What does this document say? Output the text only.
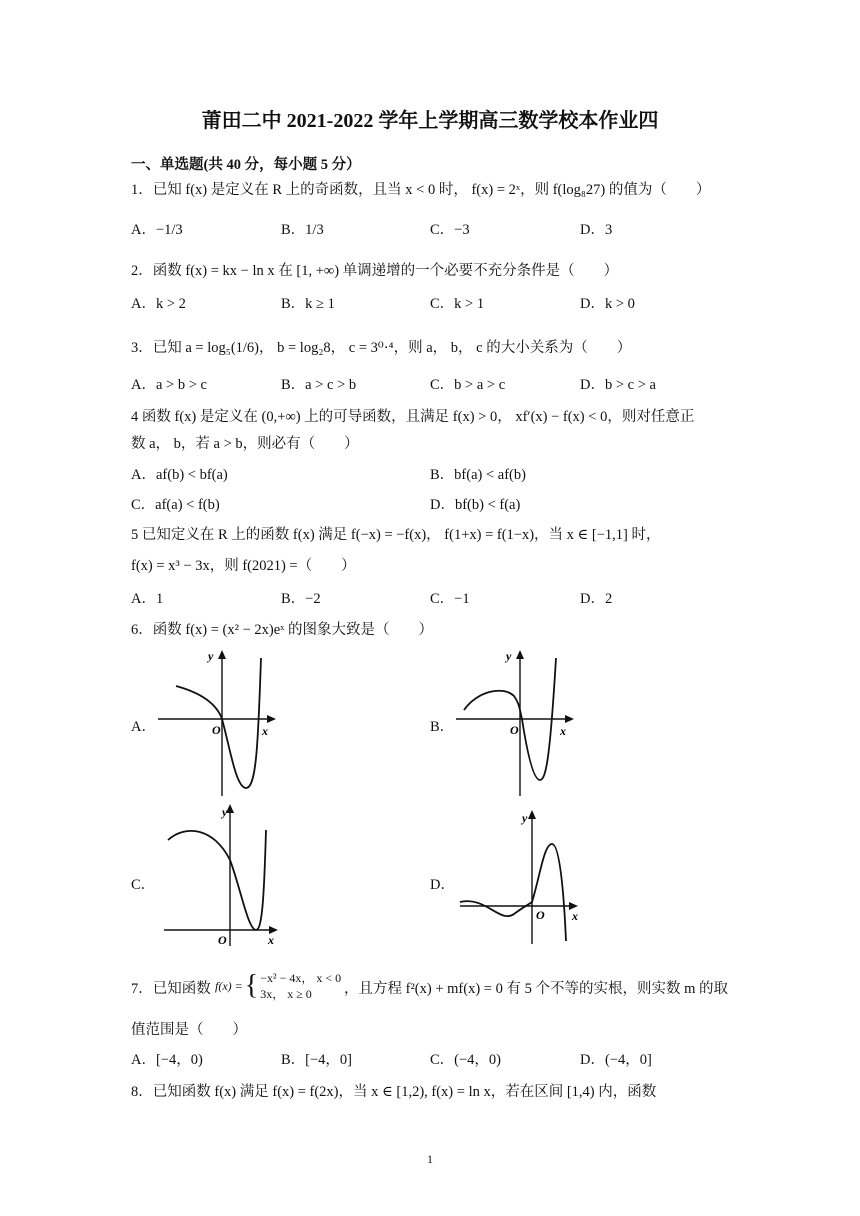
莆田二中 2021-2022 学年上学期高三数学校本作业四
一、单选题(共 40 分，每小题 5 分）
1．已知 f(x) 是定义在 R 上的奇函数，且当 x < 0 时， f(x) = 2ˣ，则 f(log₈27) 的值为（　　）
A．−1/3	B．1/3	C．−3	D．3
2．函数 f(x) = kx − ln x 在 [1, +∞) 单调递增的一个必要不充分条件是（　　）
A．k > 2	B．k ≥ 1	C．k > 1	D．k > 0
3．已知 a = log₅(1/6)， b = log₂8， c = 3⁰·⁴，则 a， b， c 的大小关系为（　　）
A．a > b > c	B．a > c > b	C．b > a > c	D．b > c > a
4 函数 f(x) 是定义在 (0,+∞) 上的可导函数，且满足 f(x) > 0， xf′(x) − f(x) < 0，则对任意正
数 a， b，若 a > b，则必有（　　）
A．af(b) < bf(a)	B．bf(a) < af(b)
C．af(a) < f(b)	D．bf(b) < f(a)
5 已知定义在 R 上的函数 f(x) 满足 f(−x) = −f(x)， f(1+x) = f(1−x)，当 x ∈ [−1,1] 时，
f(x) = x³ − 3x，则 f(2021) =（　　）
A．1	B．−2	C．−1	D．2
6．函数 f(x) = (x² − 2x)eˣ 的图象大致是（　　）
A．
y
O	x	B．
y
O	x
C．
y
O	x
D．
y
O x
7．已知函数 f(x) = { −x² − 4x， x < 0
3x， x ≥ 0	，且方程 f²(x) + mf(x) = 0 有 5 个不等的实根，则实数 m 的取
值范围是（　　）
A．[−4，0)	B．[−4，0]	C．(−4，0)	D．(−4，0]
8．已知函数 f(x) 满足 f(x) = f(2x)，当 x ∈ [1,2), f(x) = ln x，若在区间 [1,4) 内，函数
1
